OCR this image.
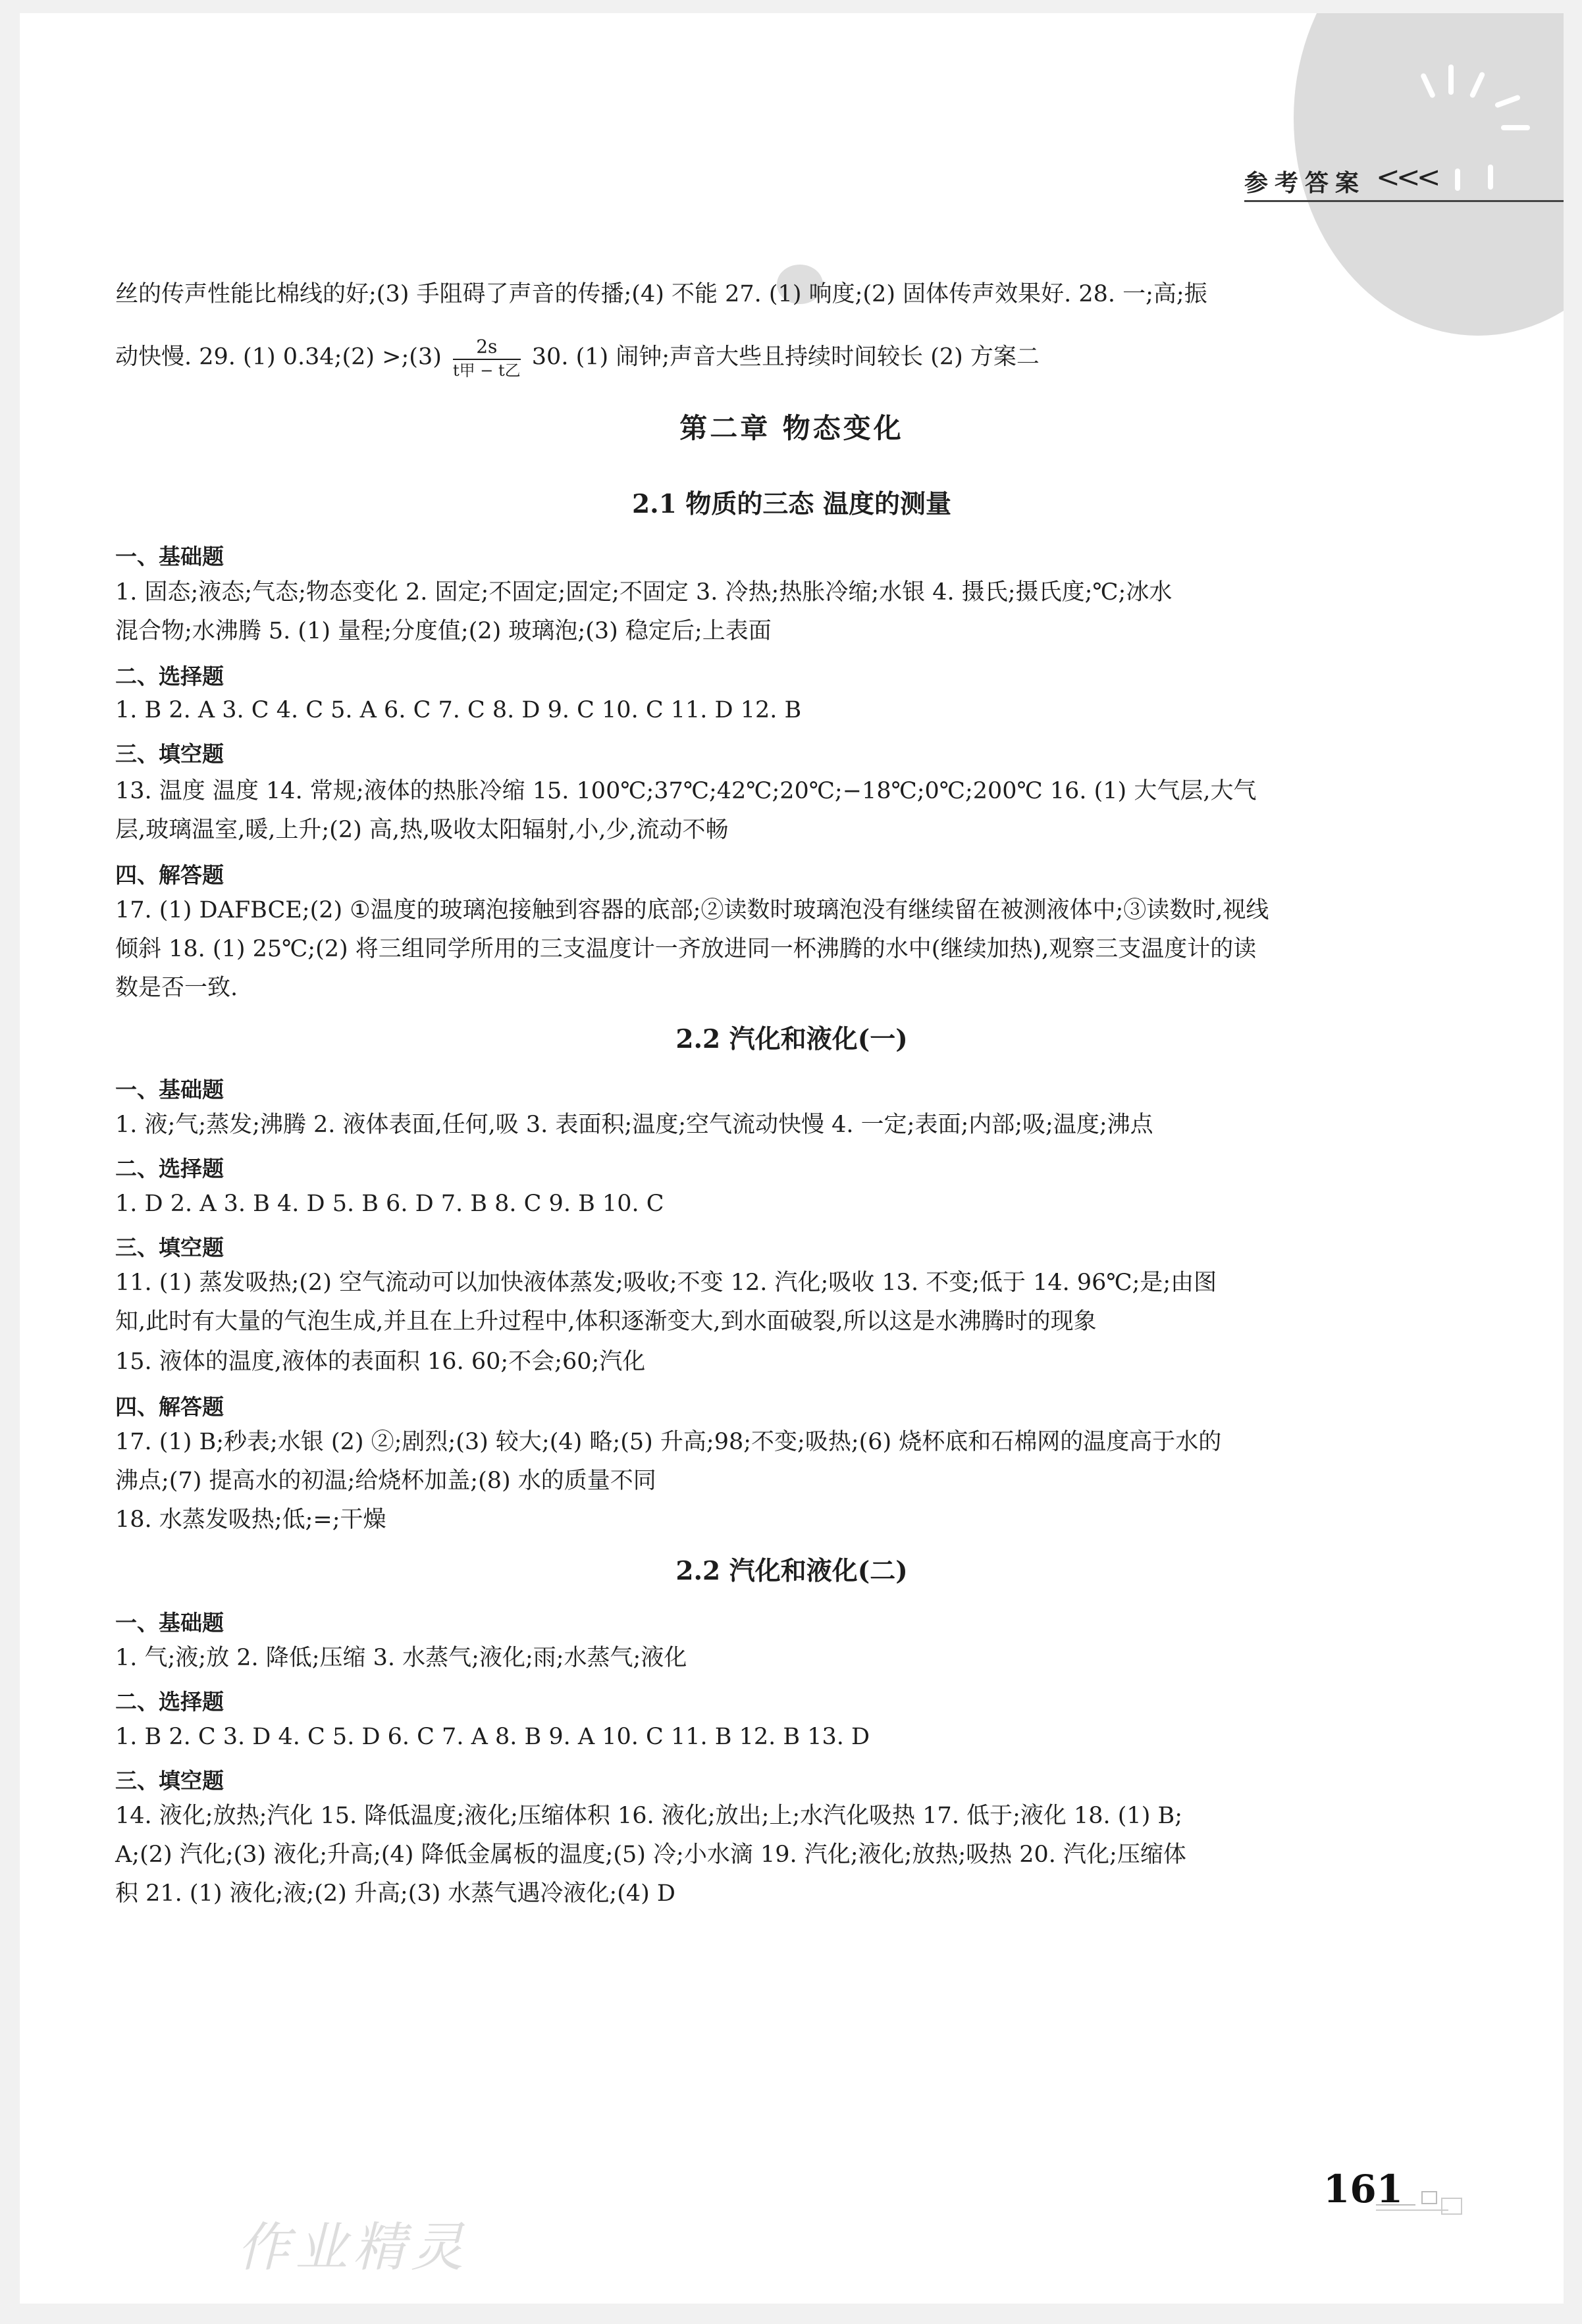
参考答案 <<<
丝的传声性能比棉线的好;(3) 手阻碍了声音的传播;(4) 不能 27. (1) 响度;(2) 固体传声效果好. 28. 一;高;振
动快慢. 29. (1) 0.34;(2) >;(3) $\frac{2s}{\text{t甲 − t乙}} 30$. (1) 闹钟;声音大些且持续时间较长 (2) 方案二
第二章 物态变化
2.1 物质的三态 温度的测量
一、基础题
1. 固态;液态;气态;物态变化 2. 固定;不固定;固定;不固定 3. 冷热;热胀冷缩;水银 4. 摄氏;摄氏度;℃;冰水
混合物;水沸腾 5. (1) 量程;分度值;(2) 玻璃泡;(3) 稳定后;上表面
二、选择题
1. B 2. A 3. C 4. C 5. A 6. C 7. C 8. D 9. C 10. C 11. D 12. B
三、填空题
13. 温度 温度 14. 常规;液体的热胀冷缩 15. 100℃;37℃;42℃;20℃;−18℃;0℃;200℃ 16. (1) 大气层,大气
层,玻璃温室,暖,上升;(2) 高,热,吸收太阳辐射,小,少,流动不畅
四、解答题
17. (1) DAFBCE;(2) ①温度的玻璃泡接触到容器的底部;②读数时玻璃泡没有继续留在被测液体中;③读数时,视线
倾斜 18. (1) 25℃;(2) 将三组同学所用的三支温度计一齐放进同一杯沸腾的水中(继续加热),观察三支温度计的读
数是否一致.
2.2 汽化和液化(一)
一、基础题
1. 液;气;蒸发;沸腾 2. 液体表面,任何,吸 3. 表面积;温度;空气流动快慢 4. 一定;表面;内部;吸;温度;沸点
二、选择题
1. D 2. A 3. B 4. D 5. B 6. D 7. B 8. C 9. B 10. C
三、填空题
11. (1) 蒸发吸热;(2) 空气流动可以加快液体蒸发;吸收;不变 12. 汽化;吸收 13. 不变;低于 14. 96℃;是;由图
知,此时有大量的气泡生成,并且在上升过程中,体积逐渐变大,到水面破裂,所以这是水沸腾时的现象
15. 液体的温度,液体的表面积 16. 60;不会;60;汽化
四、解答题
17. (1) B;秒表;水银 (2) ②;剧烈;(3) 较大;(4) 略;(5) 升高;98;不变;吸热;(6) 烧杯底和石棉网的温度高于水的
沸点;(7) 提高水的初温;给烧杯加盖;(8) 水的质量不同
18. 水蒸发吸热;低;=;干燥
2.2 汽化和液化(二)
一、基础题
1. 气;液;放 2. 降低;压缩 3. 水蒸气;液化;雨;水蒸气;液化
二、选择题
1. B 2. C 3. D 4. C 5. D 6. C 7. A 8. B 9. A 10. C 11. B 12. B 13. D
三、填空题
14. 液化;放热;汽化 15. 降低温度;液化;压缩体积 16. 液化;放出;上;水汽化吸热 17. 低于;液化 18. (1) B;
A;(2) 汽化;(3) 液化;升高;(4) 降低金属板的温度;(5) 冷;小水滴 19. 汽化;液化;放热;吸热 20. 汽化;压缩体
积 21. (1) 液化;液;(2) 升高;(3) 水蒸气遇冷液化;(4) D
161
作业精灵
